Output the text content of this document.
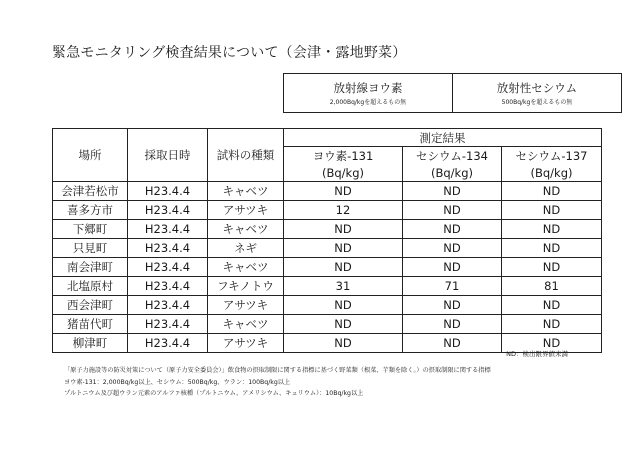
緊急モニタリング検査結果について（会津・露地野菜）
放射線ヨウ素
2,000Bq/kgを超えるもの無

放射性セシウム
500Bq/kgを超えるもの無
場所	採取日時	試料の種類	測定結果		
			ヨウ素-131	セシウム-134	セシウム-137
			(Bq/kg)	(Bq/kg)	(Bq/kg)
会津若松市	H23.4.4	キャベツ	ND	ND	ND
喜多方市	H23.4.4	アサツキ	12	ND	ND
下郷町	H23.4.4	キャベツ	ND	ND	ND
只見町	H23.4.4	ネギ	ND	ND	ND
南会津町	H23.4.4	キャベツ	ND	ND	ND
北塩原村	H23.4.4	フキノトウ	31	71	81
西会津町	H23.4.4	アサツキ	ND	ND	ND
猪苗代町	H23.4.4	キャベツ	ND	ND	ND
柳津町	H23.4.4	アサツキ	ND	ND	ND
ND：検出限界値未満
「原子力施設等の防災対策について（原子力安全委員会）」飲食物の摂取制限に関する指標に基づく野菜類（根菜、芋類を除く。）の摂取制限に関する指標
ヨウ素-131：2,000Bq/kg以上、セシウム：500Bq/kg、ウラン：100Bq/kg以上
プルトニウム及び超ウラン元素のアルファ核種（プルトニウム、アメリシウム、キュリウム）：10Bq/kg以上
